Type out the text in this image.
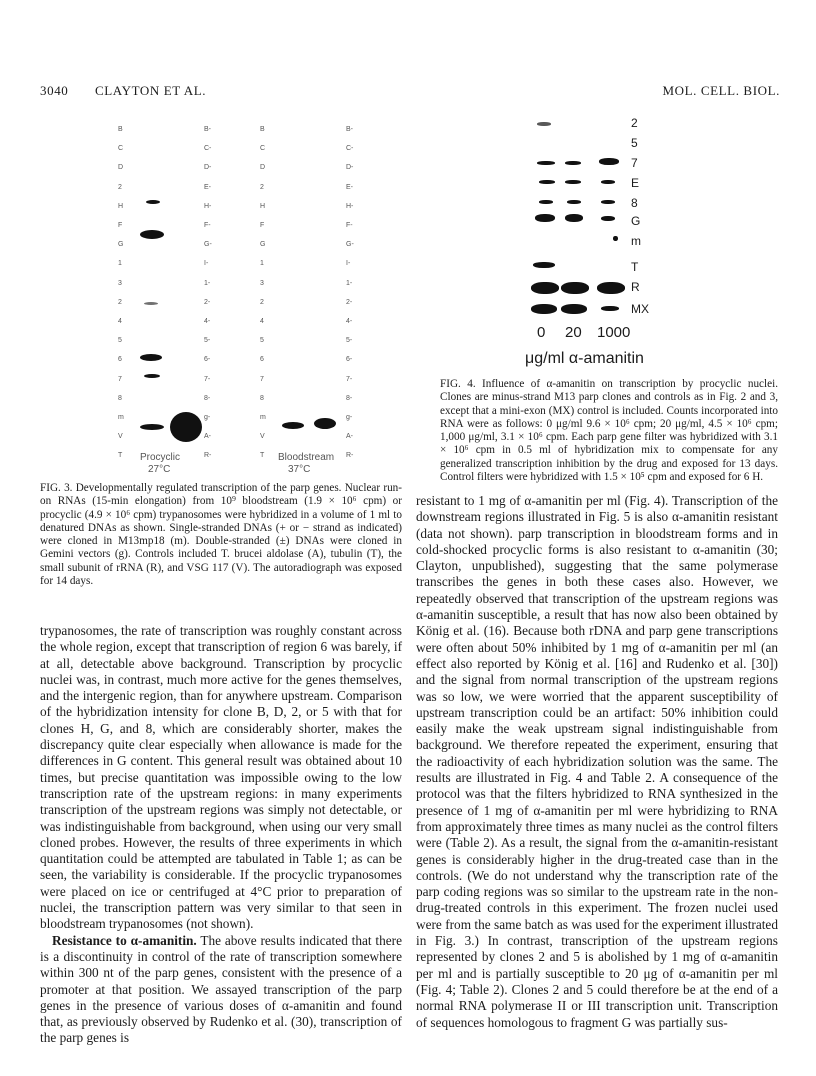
3040 CLAYTON ET AL.	MOL. CELL. BIOL.
B	B-	B	B-
C	C-	C	C-
D	D-	D	D-
2	E-	2	E-
H	H-	H	H-
F	F-	F	F-
G	G-	G	G-
1	I-	1	I-
3	1-	3	1-
2	2-	2	2-
4	4-	4	4-
5	5-	5	5-
6	6-	6	6-
7	7-	7	7-
8	8-	8	8-
m	g-	m	g-
V	A-	V	A-
T	R-	T	R-
Procyclic
27°C
Bloodstream
37°C
FIG. 3. Developmentally regulated transcription of the parp genes. Nuclear run-on RNAs (15-min elongation) from 10⁹ bloodstream (1.9 × 10⁶ cpm) or procyclic (4.9 × 10⁶ cpm) trypanosomes were hybridized in a volume of 1 ml to denatured DNAs as shown. Single-stranded DNAs (+ or − strand as indicated) were cloned in M13mp18 (m). Double-stranded (±) DNAs were cloned in Gemini vectors (g). Controls included T. brucei aldolase (A), tubulin (T), the small subunit of rRNA (R), and VSG 117 (V). The autoradiograph was exposed for 14 days.
2
5
7
E
8
G
m
T
R
MX
0 20 1000
μg/ml α-amanitin
FIG. 4. Influence of α-amanitin on transcription by procyclic nuclei. Clones are minus-strand M13 parp clones and controls as in Fig. 2 and 3, except that a mini-exon (MX) control is included. Counts incorporated into RNA were as follows: 0 μg/ml 9.6 × 10⁶ cpm; 20 μg/ml, 4.5 × 10⁶ cpm; 1,000 μg/ml, 3.1 × 10⁶ cpm. Each parp gene filter was hybridized with 3.1 × 10⁶ cpm in 0.5 ml of hybridization mix to compensate for any generalized transcription inhibition by the drug and exposed for 13 days. Control filters were hybridized with 1.5 × 10⁵ cpm and exposed for 6 H.

trypanosomes, the rate of transcription was roughly constant across the whole region, except that transcription of region 6 was barely, if at all, detectable above background. Transcription by procyclic nuclei was, in contrast, much more active for the genes themselves, and the intergenic region, than for anywhere upstream. Comparison of the hybridization intensity for clone B, D, 2, or 5 with that for clones H, G, and 8, which are considerably shorter, makes the discrepancy quite clear especially when allowance is made for the differences in G content. This general result was obtained about 10 times, but precise quantitation was impossible owing to the low transcription rate of the upstream regions: in many experiments transcription of the upstream regions was simply not detectable, or was indistinguishable from background, when using our very small cloned probes. However, the results of three experiments in which quantitation could be attempted are tabulated in Table 1; as can be seen, the variability is considerable. If the procyclic trypanosomes were placed on ice or centrifuged at 4°C prior to preparation of nuclei, the transcription pattern was very similar to that seen in bloodstream trypanosomes (not shown).

Resistance to α-amanitin. The above results indicated that there is a discontinuity in control of the rate of transcription somewhere within 300 nt of the parp genes, consistent with the presence of a promoter at that position. We assayed transcription of the parp genes in the presence of various doses of α-amanitin and found that, as previously observed by Rudenko et al. (30), transcription of the parp genes is

resistant to 1 mg of α-amanitin per ml (Fig. 4). Transcription of the downstream regions illustrated in Fig. 5 is also α-amanitin resistant (data not shown). parp transcription in bloodstream forms and in cold-shocked procyclic forms is also resistant to α-amanitin (30; Clayton, unpublished), suggesting that the same polymerase transcribes the genes in both these cases also. However, we repeatedly observed that transcription of the upstream regions was α-amanitin susceptible, a result that has now also been obtained by König et al. (16). Because both rDNA and parp gene transcriptions were often about 50% inhibited by 1 mg of α-amanitin per ml (an effect also reported by König et al. [16] and Rudenko et al. [30]) and the signal from normal transcription of the upstream regions was so low, we were worried that the apparent susceptibility of upstream transcription could be an artifact: 50% inhibition could easily make the weak upstream signal indistinguishable from background. We therefore repeated the experiment, ensuring that the radioactivity of each hybridization solution was the same. The results are illustrated in Fig. 4 and Table 2. A consequence of the protocol was that the filters hybridized to RNA synthesized in the presence of 1 mg of α-amanitin per ml were hybridizing to RNA from approximately three times as many nuclei as the control filters were (Table 2). As a result, the signal from the α-amanitin-resistant genes is considerably higher in the drug-treated case than in the controls. (We do not understand why the transcription rate of the parp coding regions was so similar to the upstream rate in the non-drug-treated controls in this experiment. The frozen nuclei used were from the same batch as was used for the experiment illustrated in Fig. 3.) In contrast, transcription of the upstream regions represented by clones 2 and 5 is abolished by 1 mg of α-amanitin per ml and is partially susceptible to 20 μg of α-amanitin per ml (Fig. 4; Table 2). Clones 2 and 5 could therefore be at the end of a normal RNA polymerase II or III transcription unit. Transcription of sequences homologous to fragment G was partially sus-
